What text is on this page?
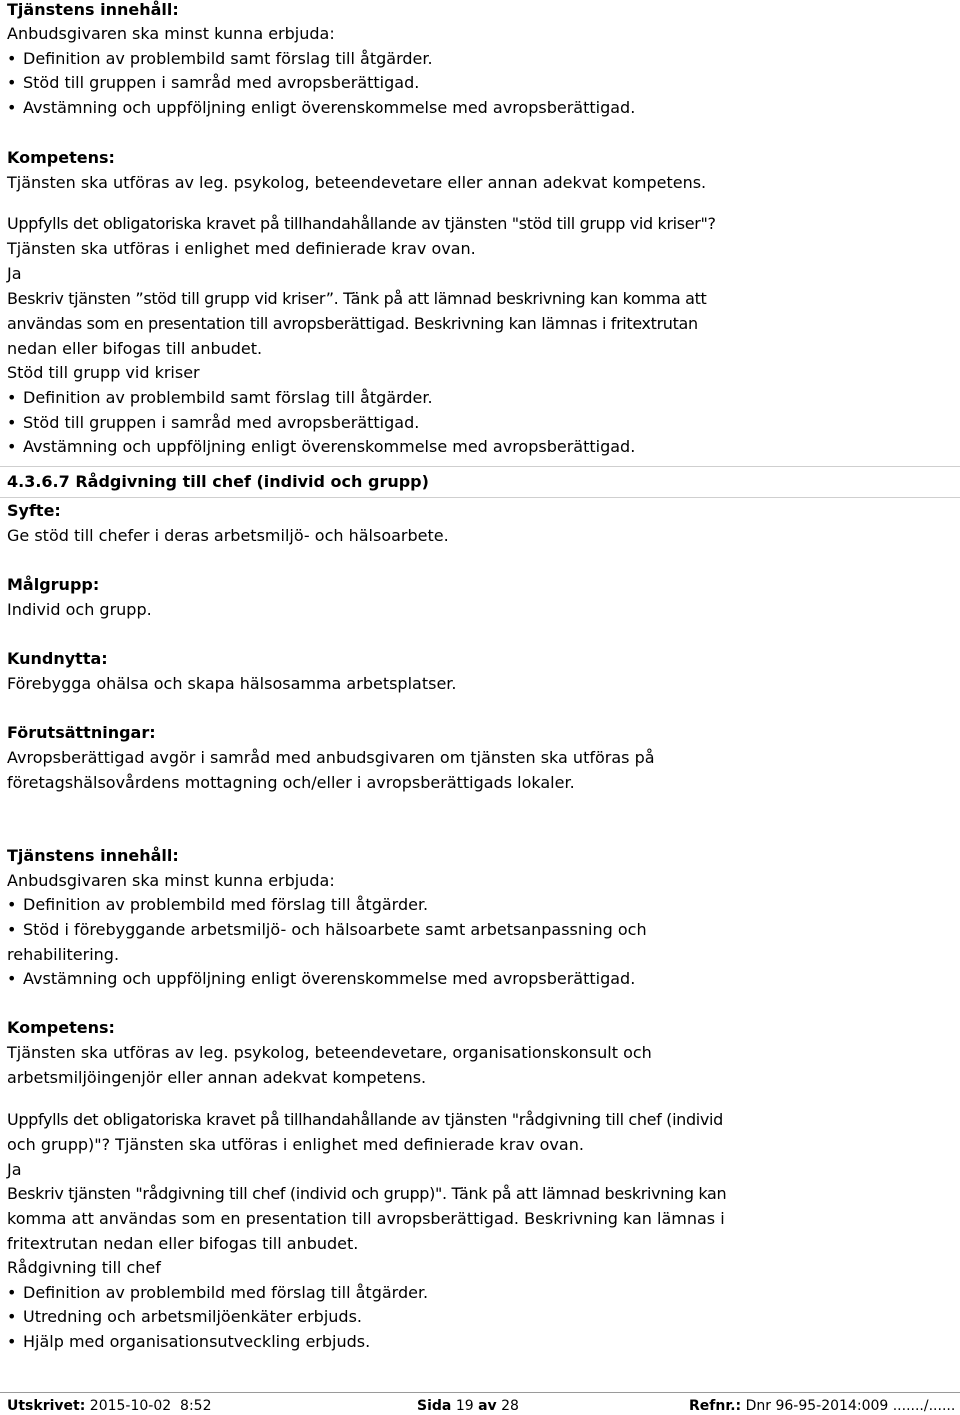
Tjänstens innehåll:
Anbudsgivaren ska minst kunna erbjuda:
• Definition av problembild samt förslag till åtgärder.
• Stöd till gruppen i samråd med avropsberättigad.
• Avstämning och uppföljning enligt överenskommelse med avropsberättigad.
Kompetens:
Tjänsten ska utföras av leg. psykolog, beteendevetare eller annan adekvat kompetens.
Uppfylls det obligatoriska kravet på tillhandahållande av tjänsten "stöd till grupp vid kriser"?
Tjänsten ska utföras i enlighet med definierade krav ovan.
Ja
Beskriv tjänsten ”stöd till grupp vid kriser”. Tänk på att lämnad beskrivning kan komma att
användas som en presentation till avropsberättigad. Beskrivning kan lämnas i fritextrutan
nedan eller bifogas till anbudet.
Stöd till grupp vid kriser
• Definition av problembild samt förslag till åtgärder.
• Stöd till gruppen i samråd med avropsberättigad.
• Avstämning och uppföljning enligt överenskommelse med avropsberättigad.
4.3.6.7 Rådgivning till chef (individ och grupp)
Syfte:
Ge stöd till chefer i deras arbetsmiljö- och hälsoarbete.
Målgrupp:
Individ och grupp.
Kundnytta:
Förebygga ohälsa och skapa hälsosamma arbetsplatser.
Förutsättningar:
Avropsberättigad avgör i samråd med anbudsgivaren om tjänsten ska utföras på
företagshälsovårdens mottagning och/eller i avropsberättigads lokaler.
Tjänstens innehåll:
Anbudsgivaren ska minst kunna erbjuda:
• Definition av problembild med förslag till åtgärder.
• Stöd i förebyggande arbetsmiljö- och hälsoarbete samt arbetsanpassning och
rehabilitering.
• Avstämning och uppföljning enligt överenskommelse med avropsberättigad.
Kompetens:
Tjänsten ska utföras av leg. psykolog, beteendevetare, organisationskonsult och
arbetsmiljöingenjör eller annan adekvat kompetens.
Uppfylls det obligatoriska kravet på tillhandahållande av tjänsten "rådgivning till chef (individ
och grupp)"? Tjänsten ska utföras i enlighet med definierade krav ovan.
Ja
Beskriv tjänsten "rådgivning till chef (individ och grupp)". Tänk på att lämnad beskrivning kan
komma att användas som en presentation till avropsberättigad. Beskrivning kan lämnas i
fritextrutan nedan eller bifogas till anbudet.
Rådgivning till chef
• Definition av problembild med förslag till åtgärder.
• Utredning och arbetsmiljöenkäter erbjuds.
• Hjälp med organisationsutveckling erbjuds.
Utskrivet: 2015-10-02  8:52	Sida 19 av 28	Refnr.: Dnr 96-95-2014:009 ......./......
